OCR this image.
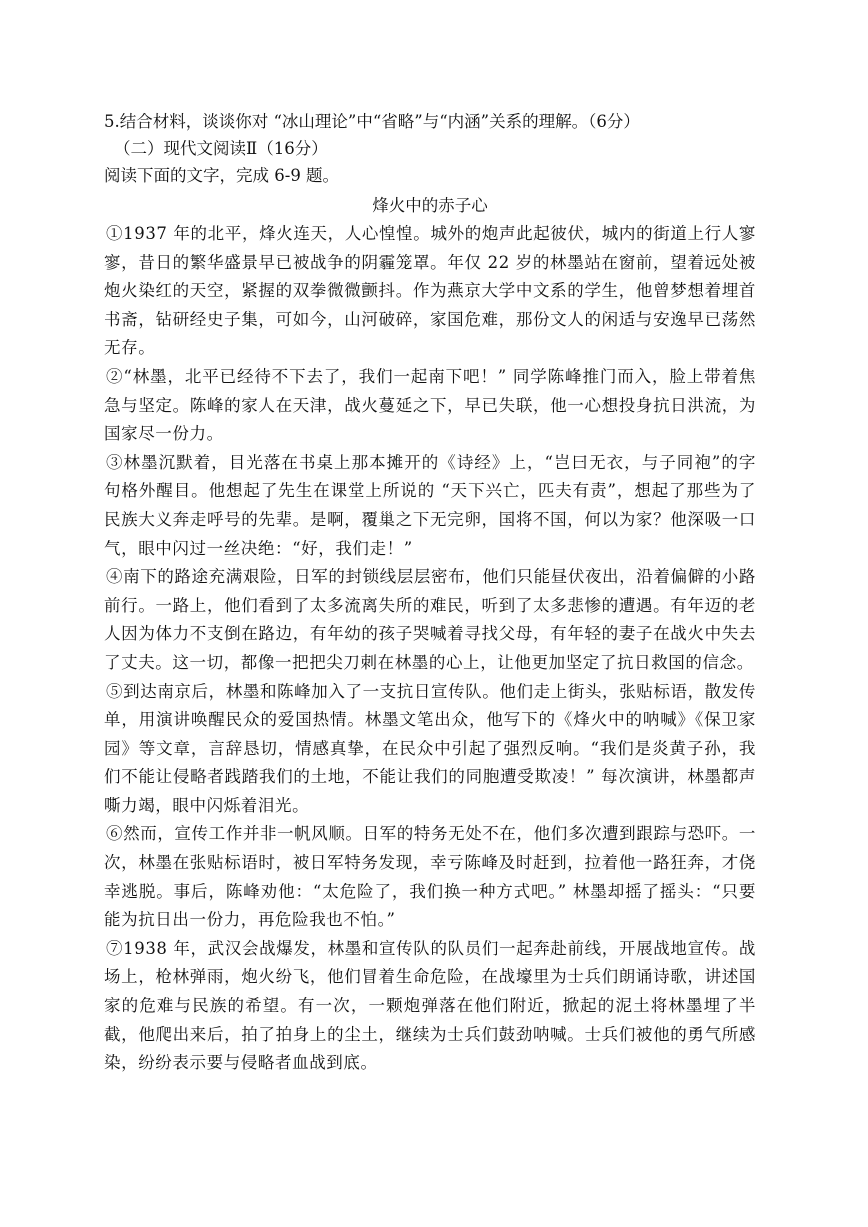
5.结合材料，谈谈你对 “冰山理论”中“省略”与“内涵”关系的理解。（6分）
（二）现代文阅读Ⅱ（16分）
阅读下面的文字，完成 6-9 题。
烽火中的赤子心

①1937 年的北平，烽火连天，人心惶惶。城外的炮声此起彼伏，城内的街道上行人寥寥，昔日的繁华盛景早已被战争的阴霾笼罩。年仅 22 岁的林墨站在窗前，望着远处被炮火染红的天空，紧握的双拳微微颤抖。作为燕京大学中文系的学生，他曾梦想着埋首书斋，钻研经史子集，可如今，山河破碎，家国危难，那份文人的闲适与安逸早已荡然无存。

②“林墨，北平已经待不下去了，我们一起南下吧！” 同学陈峰推门而入，脸上带着焦急与坚定。陈峰的家人在天津，战火蔓延之下，早已失联，他一心想投身抗日洪流，为国家尽一份力。

③林墨沉默着，目光落在书桌上那本摊开的《诗经》上，“岂曰无衣，与子同袍”的字句格外醒目。他想起了先生在课堂上所说的 “天下兴亡，匹夫有责”，想起了那些为了民族大义奔走呼号的先辈。是啊，覆巢之下无完卵，国将不国，何以为家？他深吸一口气，眼中闪过一丝决绝：“好，我们走！”

④南下的路途充满艰险，日军的封锁线层层密布，他们只能昼伏夜出，沿着偏僻的小路前行。一路上，他们看到了太多流离失所的难民，听到了太多悲惨的遭遇。有年迈的老人因为体力不支倒在路边，有年幼的孩子哭喊着寻找父母，有年轻的妻子在战火中失去了丈夫。这一切，都像一把把尖刀刺在林墨的心上，让他更加坚定了抗日救国的信念。

⑤到达南京后，林墨和陈峰加入了一支抗日宣传队。他们走上街头，张贴标语，散发传单，用演讲唤醒民众的爱国热情。林墨文笔出众，他写下的《烽火中的呐喊》《保卫家园》等文章，言辞恳切，情感真挚，在民众中引起了强烈反响。“我们是炎黄子孙，我们不能让侵略者践踏我们的土地，不能让我们的同胞遭受欺凌！” 每次演讲，林墨都声嘶力竭，眼中闪烁着泪光。

⑥然而，宣传工作并非一帆风顺。日军的特务无处不在，他们多次遭到跟踪与恐吓。一次，林墨在张贴标语时，被日军特务发现，幸亏陈峰及时赶到，拉着他一路狂奔，才侥幸逃脱。事后，陈峰劝他：“太危险了，我们换一种方式吧。” 林墨却摇了摇头：“只要能为抗日出一份力，再危险我也不怕。”

⑦1938 年，武汉会战爆发，林墨和宣传队的队员们一起奔赴前线，开展战地宣传。战场上，枪林弹雨，炮火纷飞，他们冒着生命危险，在战壕里为士兵们朗诵诗歌，讲述国家的危难与民族的希望。有一次，一颗炮弹落在他们附近，掀起的泥土将林墨埋了半截，他爬出来后，拍了拍身上的尘土，继续为士兵们鼓劲呐喊。士兵们被他的勇气所感染，纷纷表示要与侵略者血战到底。
